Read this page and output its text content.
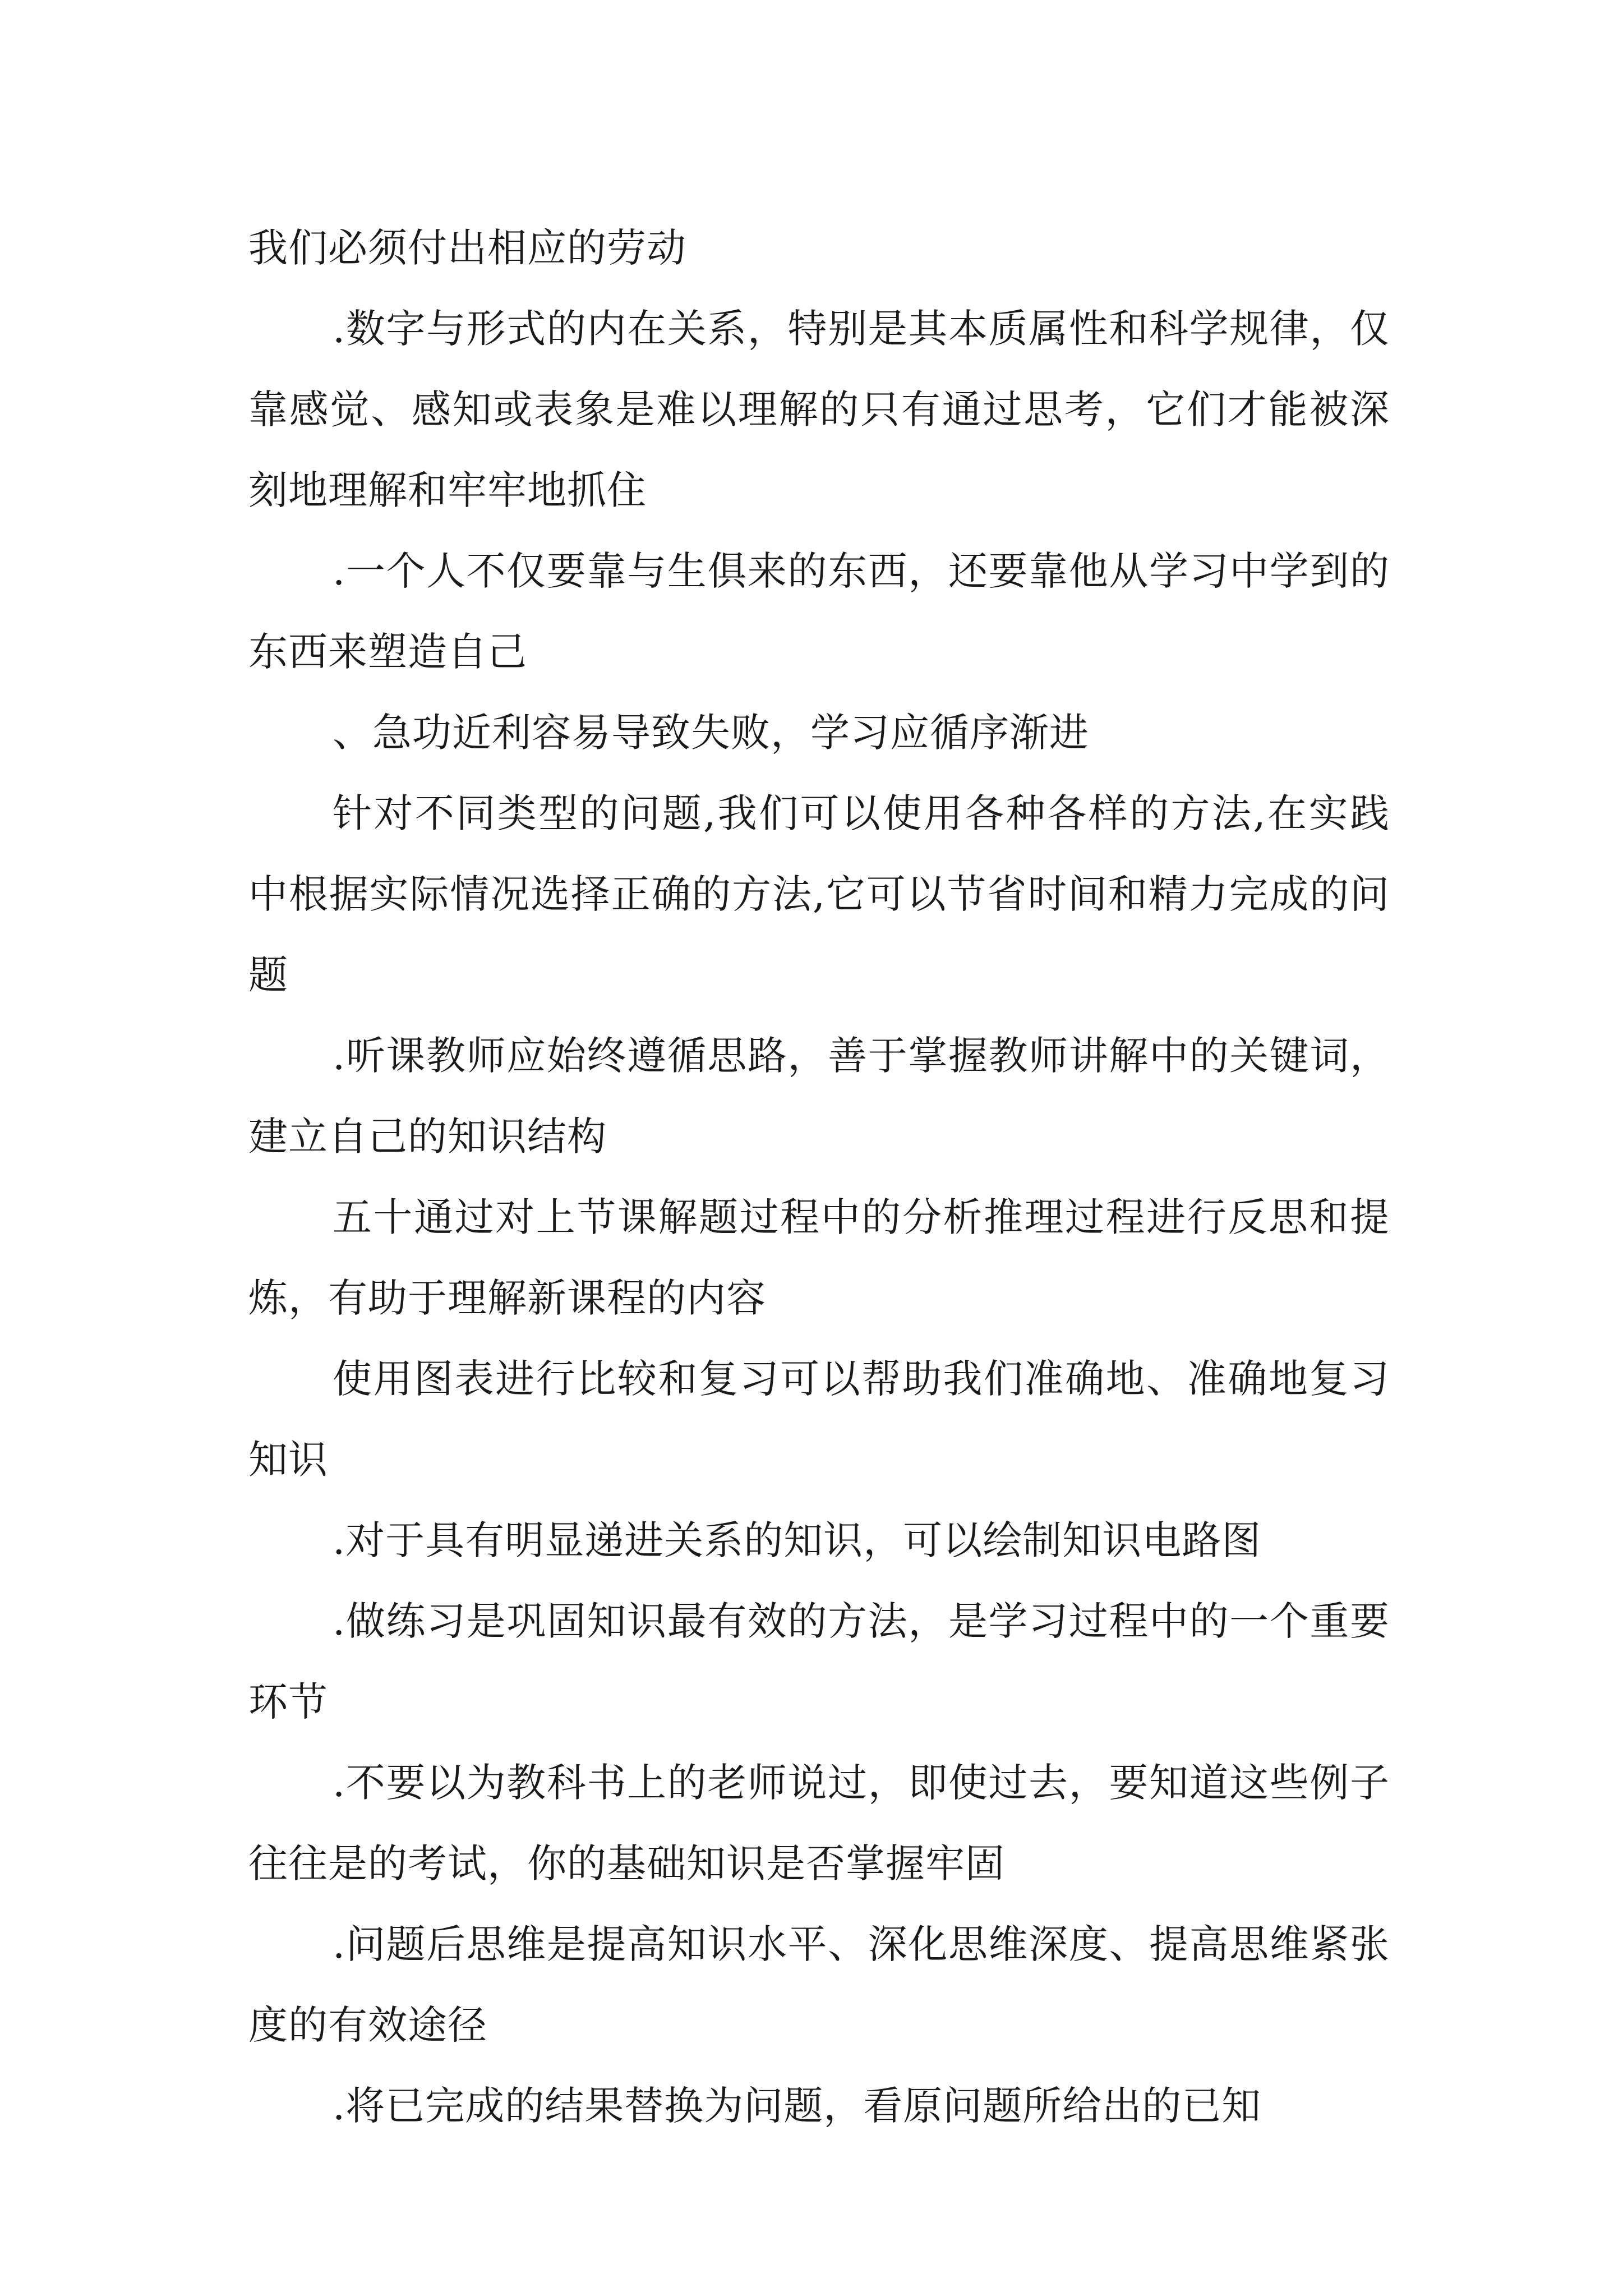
我们必须付出相应的劳动

.数字与形式的内在关系，特别是其本质属性和科学规律，仅靠感觉、感知或表象是难以理解的只有通过思考，它们才能被深刻地理解和牢牢地抓住

.一个人不仅要靠与生俱来的东西，还要靠他从学习中学到的东西来塑造自己

、急功近利容易导致失败，学习应循序渐进

针对不同类型的问题,我们可以使用各种各样的方法,在实践中根据实际情况选择正确的方法,它可以节省时间和精力完成的问题

.听课教师应始终遵循思路，善于掌握教师讲解中的关键词，建立自己的知识结构

五十通过对上节课解题过程中的分析推理过程进行反思和提炼，有助于理解新课程的内容

使用图表进行比较和复习可以帮助我们准确地、准确地复习知识

.对于具有明显递进关系的知识，可以绘制知识电路图

.做练习是巩固知识最有效的方法，是学习过程中的一个重要环节

.不要以为教科书上的老师说过，即使过去，要知道这些例子往往是的考试，你的基础知识是否掌握牢固

.问题后思维是提高知识水平、深化思维深度、提高思维紧张度的有效途径

.将已完成的结果替换为问题，看原问题所给出的已知
